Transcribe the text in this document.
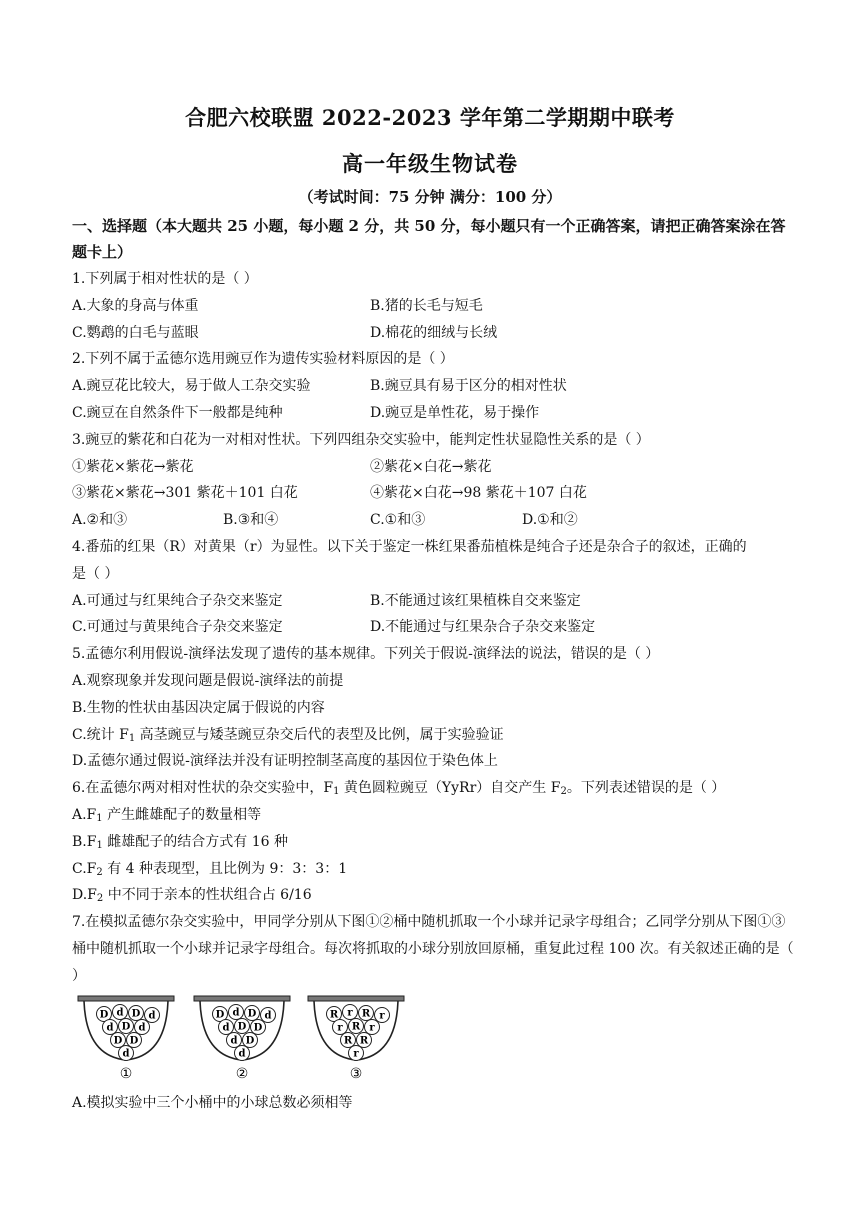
合肥六校联盟 2022-2023 学年第二学期期中联考
高一年级生物试卷
（考试时间：75 分钟 满分：100 分）
一、选择题（本大题共 25 小题，每小题 2 分，共 50 分，每小题只有一个正确答案，请把正确答案涂在答题卡上）
1.下列属于相对性状的是（ ）
A.大象的身高与体重	B.猪的长毛与短毛
C.鹦鹉的白毛与蓝眼	D.棉花的细绒与长绒
2.下列不属于孟德尔选用豌豆作为遗传实验材料原因的是（ ）
A.豌豆花比较大，易于做人工杂交实验	B.豌豆具有易于区分的相对性状
C.豌豆在自然条件下一般都是纯种	D.豌豆是单性花，易于操作
3.豌豆的紫花和白花为一对相对性状。下列四组杂交实验中，能判定性状显隐性关系的是（ ）
①紫花×紫花→紫花	②紫花×白花→紫花
③紫花×紫花→301 紫花＋101 白花	④紫花×白花→98 紫花＋107 白花
A.②和③	B.③和④	C.①和③	D.①和②
4.番茄的红果（R）对黄果（r）为显性。以下关于鉴定一株红果番茄植株是纯合子还是杂合子的叙述，正确的
是（ ）
A.可通过与红果纯合子杂交来鉴定	B.不能通过该红果植株自交来鉴定
C.可通过与黄果纯合子杂交来鉴定	D.不能通过与红果杂合子杂交来鉴定
5.孟德尔利用假说-演绎法发现了遗传的基本规律。下列关于假说-演绎法的说法，错误的是（ ）
A.观察现象并发现问题是假说-演绎法的前提
B.生物的性状由基因决定属于假说的内容
C.统计 $F_1$ 高茎豌豆与矮茎豌豆杂交后代的表型及比例，属于实验验证
D.孟德尔通过假说-演绎法并没有证明控制茎高度的基因位于染色体上
6.在孟德尔两对相对性状的杂交实验中，$F_1$ 黄色圆粒豌豆（YyRr）自交产生 $F_2$。下列表述错误的是（ ）
$A.F_1$ 产生雌雄配子的数量相等
$B.F_1$ 雌雄配子的结合方式有 16 种
$C.F_2$ 有 4 种表现型，且比例为 9：3：3：1
$D.F_2$ 中不同于亲本的性状组合占 6/16
7.在模拟孟德尔杂交实验中，甲同学分别从下图①②桶中随机抓取一个小球并记录字母组合；乙同学分别从下图①③桶中随机抓取一个小球并记录字母组合。每次将抓取的小球分别放回原桶，重复此过程 100 次。有关叙述正确的是（ ）
D d D d
d D d
D D
d
①
D d D d
d D D
d D
d
②
R r R r
r R r
R R
r
③
A.模拟实验中三个小桶中的小球总数必须相等
